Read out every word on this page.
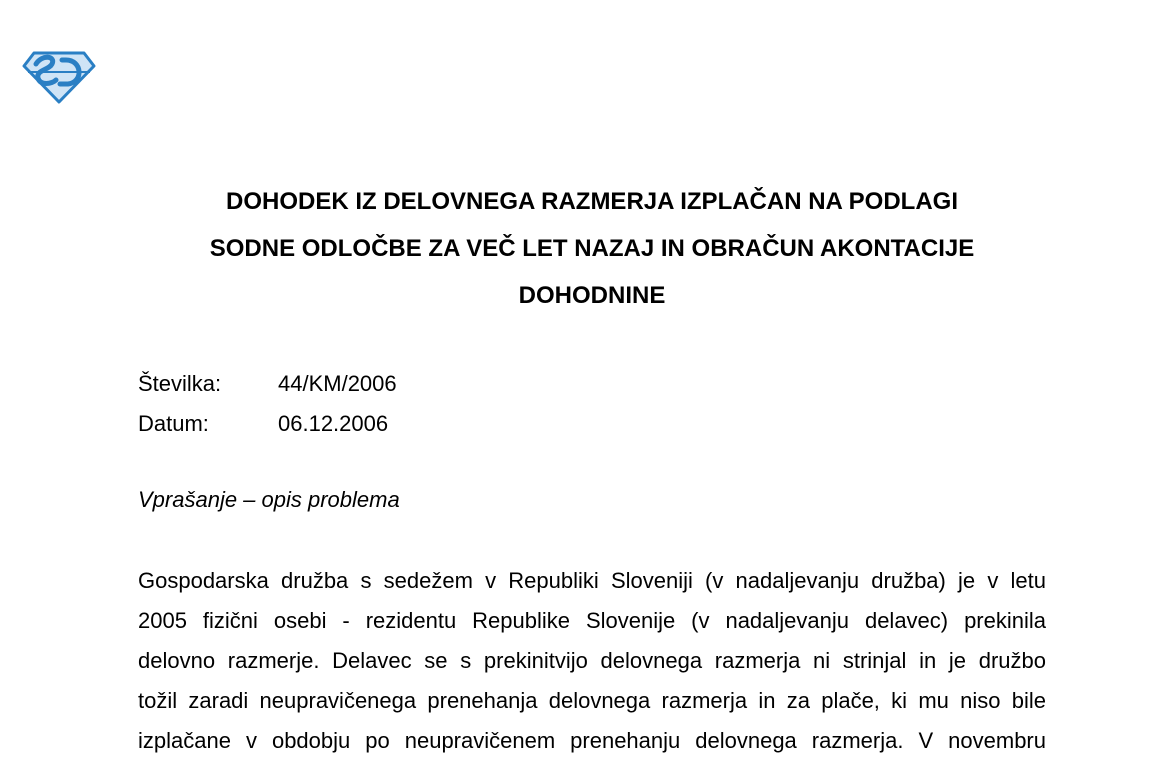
DOHODEK IZ DELOVNEGA RAZMERJA IZPLAČAN NA PODLAGI
SODNE ODLOČBE ZA VEČ LET NAZAJ IN OBRAČUN AKONTACIJE
DOHODNINE
Številka:	44/KM/2006
Datum:	06.12.2006
Vprašanje – opis problema
Gospodarska družba s sedežem v Republiki Sloveniji (v nadaljevanju družba) je v letu
2005 fizični osebi - rezidentu Republike Slovenije (v nadaljevanju delavec) prekinila
delovno razmerje. Delavec se s prekinitvijo delovnega razmerja ni strinjal in je družbo
tožil zaradi neupravičenega prenehanja delovnega razmerja in za plače, ki mu niso bile
izplačane v obdobju po neupravičenem prenehanju delovnega razmerja. V novembru
